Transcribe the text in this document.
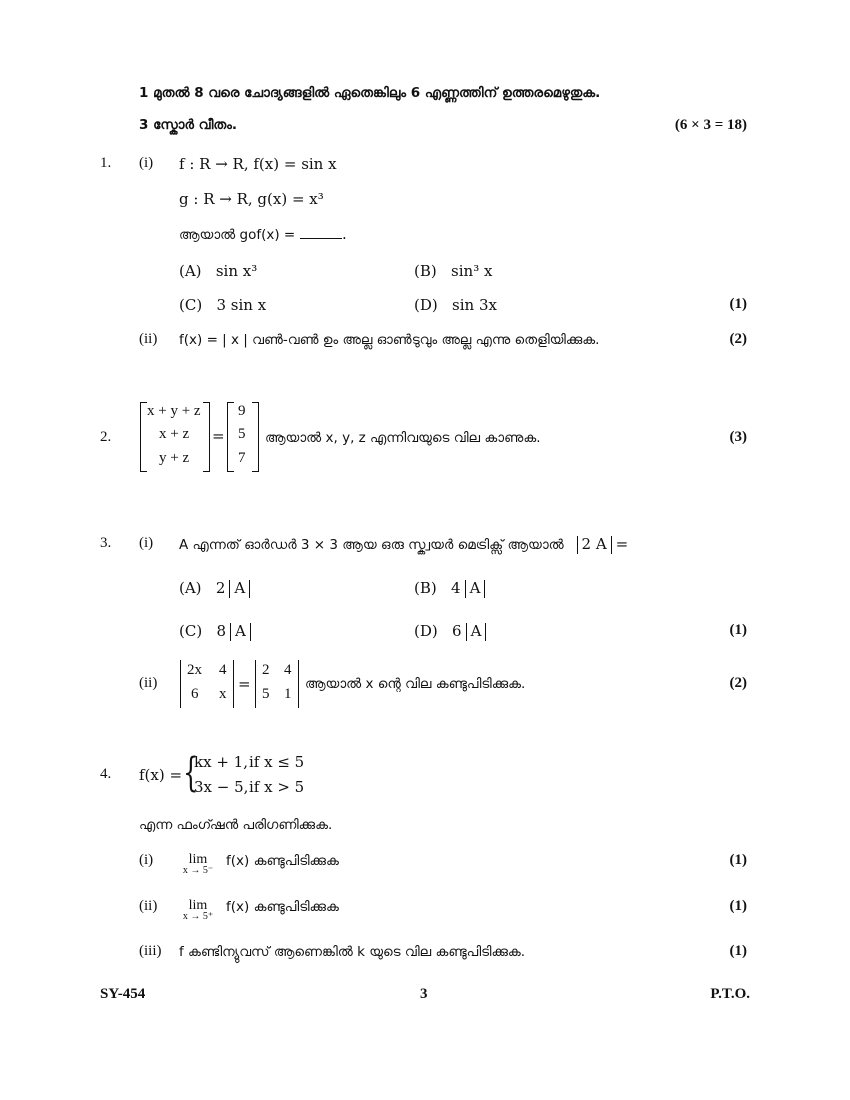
1 മുതൽ 8 വരെ ചോദ്യങ്ങളിൽ ഏതെങ്കിലും 6 എണ്ണത്തിന് ഉത്തരമെഴുതുക.
3 സ്കോർ വീതം.	(6 × 3 = 18)
1. (i) f : R → R, f(x) = sin x
g : R → R, g(x) = x³
ആയാൽ gof(x) =	.
(A) sin x³	(B) sin³ x
(C) 3 sin x	(D) sin 3x	(1)
(ii) f(x) = | x | വൺ-വൺ ഉം അല്ല ഓൺടുവും അല്ല എന്നു തെളിയിക്കുക.	(2)
2.
x + y + z
x + z
y + z
=
9
5
7
ആയാൽ x, y, z എന്നിവയുടെ വില കാണുക.	(3)
3. (i) A എന്നത് ഓർഡർ 3 × 3 ആയ ഒരു സ്ക്വയർ മെട്രിക്സ് ആയാൽ 2 A =
(A) 2 A	(B) 4 A
(C) 8 A	(D) 6 A	(1)
(ii)
2x 4
6 x
=
2 4
5 1
ആയാൽ x ന്റെ വില കണ്ടുപിടിക്കുക.	(2)
4. f(x) = {
kx + 1, if x ≤ 5
3x − 5, if x > 5
എന്ന ഫംഗ്ഷൻ പരിഗണിക്കുക.
(i)	lim
x → 5⁻
f(x) കണ്ടുപിടിക്കുക	(1)
(ii)	lim
x → 5⁺
f(x) കണ്ടുപിടിക്കുക	(1)
(iii) f കണ്ടിന്യുവസ് ആണെങ്കിൽ k യുടെ വില കണ്ടുപിടിക്കുക.	(1)
SY-454	3	P.T.O.
